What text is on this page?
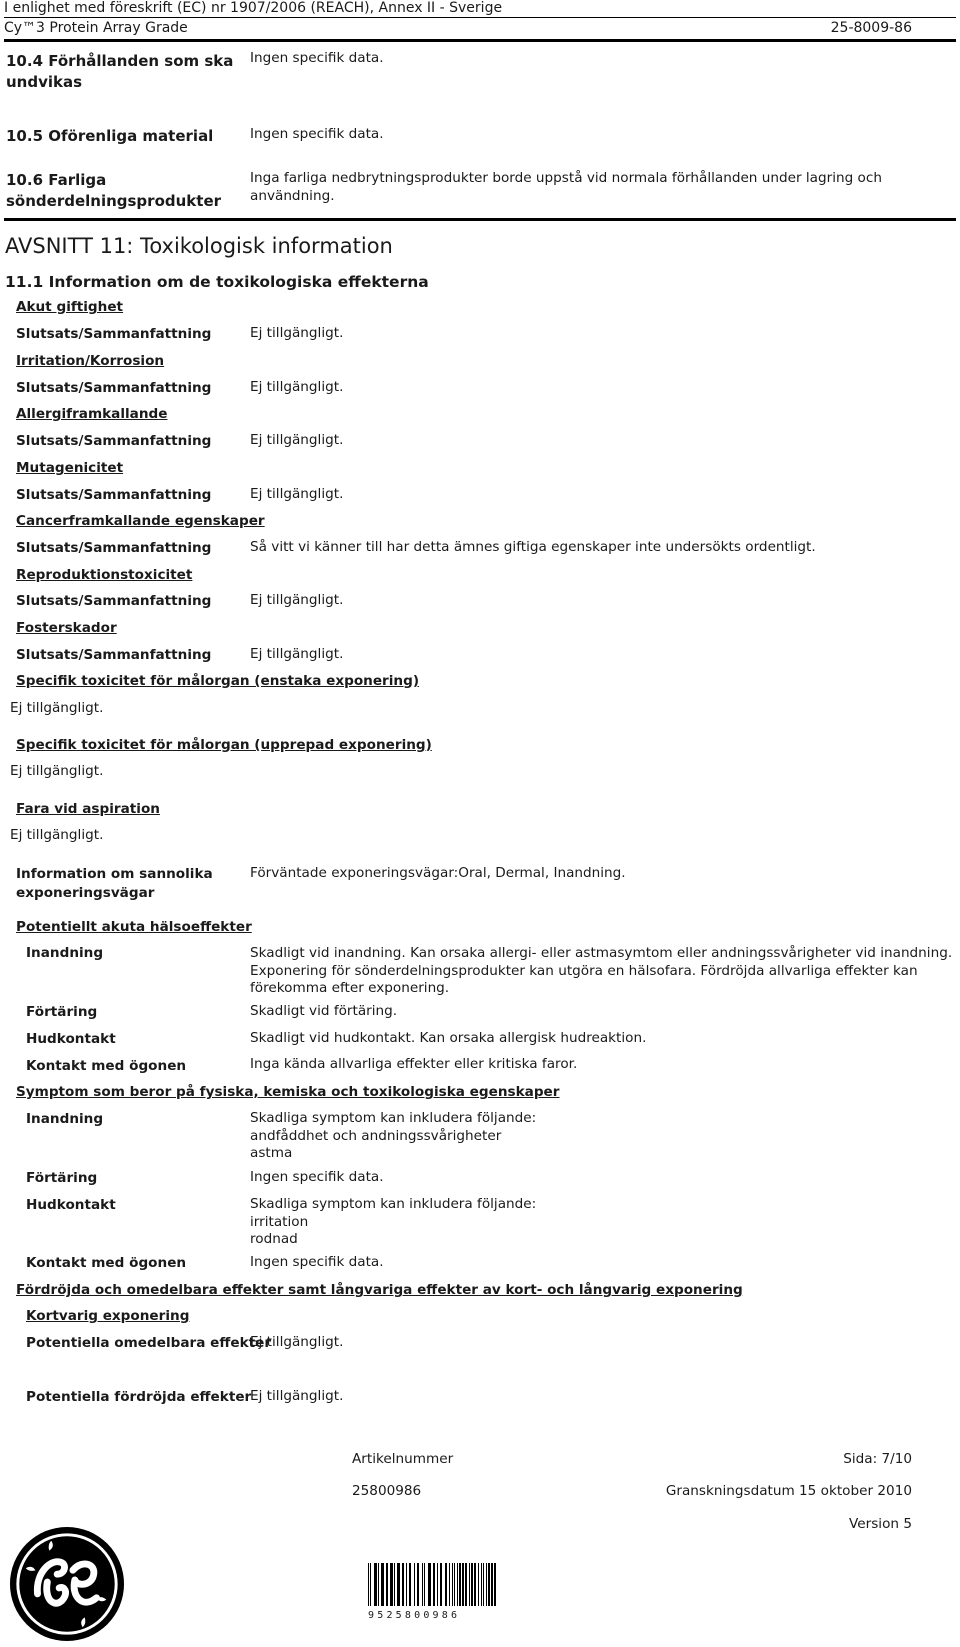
I enlighet med föreskrift (EC) nr 1907/2006 (REACH), Annex II - Sverige
Cy™3 Protein Array Grade	25-8009-86
10.4 Förhållanden som ska
undvikas
Ingen specifik data.
10.5 Oförenliga material	Ingen specifik data.
10.6 Farliga
sönderdelningsprodukter
Inga farliga nedbrytningsprodukter borde uppstå vid normala förhållanden under lagring och
användning.
AVSNITT 11: Toxikologisk information
11.1 Information om de toxikologiska effekterna
Akut giftighet
Slutsats/Sammanfattning	Ej tillgängligt.
Irritation/Korrosion
Slutsats/Sammanfattning	Ej tillgängligt.
Allergiframkallande
Slutsats/Sammanfattning	Ej tillgängligt.
Mutagenicitet
Slutsats/Sammanfattning	Ej tillgängligt.
Cancerframkallande egenskaper
Slutsats/Sammanfattning	Så vitt vi känner till har detta ämnes giftiga egenskaper inte undersökts ordentligt.
Reproduktionstoxicitet
Slutsats/Sammanfattning	Ej tillgängligt.
Fosterskador
Slutsats/Sammanfattning	Ej tillgängligt.
Specifik toxicitet för målorgan (enstaka exponering)
Ej tillgängligt.
Specifik toxicitet för målorgan (upprepad exponering)
Ej tillgängligt.
Fara vid aspiration
Ej tillgängligt.
Information om sannolika
exponeringsvägar
Förväntade exponeringsvägar:Oral, Dermal, Inandning.
Potentiellt akuta hälsoeffekter
Inandning	Skadligt vid inandning. Kan orsaka allergi- eller astmasymtom eller andningssvårigheter vid inandning.
Exponering för sönderdelningsprodukter kan utgöra en hälsofara. Fördröjda allvarliga effekter kan
förekomma efter exponering.
Förtäring	Skadligt vid förtäring.
Hudkontakt	Skadligt vid hudkontakt. Kan orsaka allergisk hudreaktion.
Kontakt med ögonen	Inga kända allvarliga effekter eller kritiska faror.
Symptom som beror på fysiska, kemiska och toxikologiska egenskaper
Inandning	Skadliga symptom kan inkludera följande:
andfåddhet och andningssvårigheter
astma
Förtäring	Ingen specifik data.
Hudkontakt	Skadliga symptom kan inkludera följande:
irritation
rodnad
Kontakt med ögonen	Ingen specifik data.
Fördröjda och omedelbara effekter samt långvariga effekter av kort- och långvarig exponering
Kortvarig exponering
Potentiella omedelbara effekter
Ej tillgängligt.
Potentiella fördröjda effekter
Ej tillgängligt.
Artikelnummer	Sida: 7/10
25800986	Granskningsdatum 15 oktober 2010
Version 5
9525800986
